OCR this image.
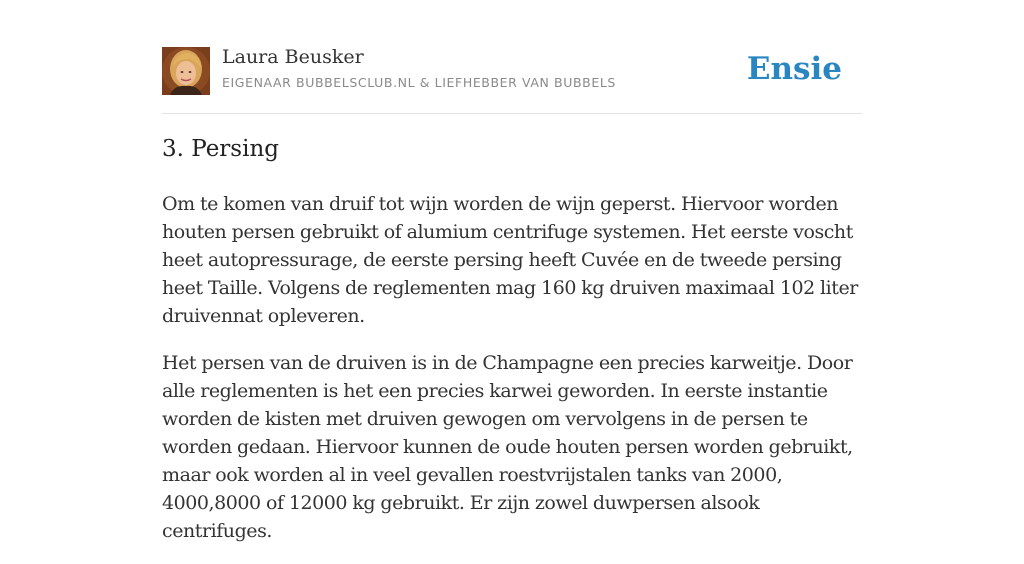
Laura Beusker
EIGENAAR BUBBELSCLUB.NL & LIEFHEBBER VAN BUBBELS	Ensie
3. Persing

Om te komen van druif tot wijn worden de wijn geperst. Hiervoor worden houten persen gebruikt of alumium centrifuge systemen. Het eerste voscht heet autopressurage, de eerste persing heeft Cuvée en de tweede persing heet Taille. Volgens de reglementen mag 160 kg druiven maximaal 102 liter druivennat opleveren.

Het persen van de druiven is in de Champagne een precies karweitje. Door alle reglementen is het een precies karwei geworden. In eerste instantie worden de kisten met druiven gewogen om vervolgens in de persen te worden gedaan. Hiervoor kunnen de oude houten persen worden gebruikt, maar ook worden al in veel gevallen roestvrijstalen tanks van 2000, 4000,8000 of 12000 kg gebruikt. Er zijn zowel duwpersen alsook centrifuges.
